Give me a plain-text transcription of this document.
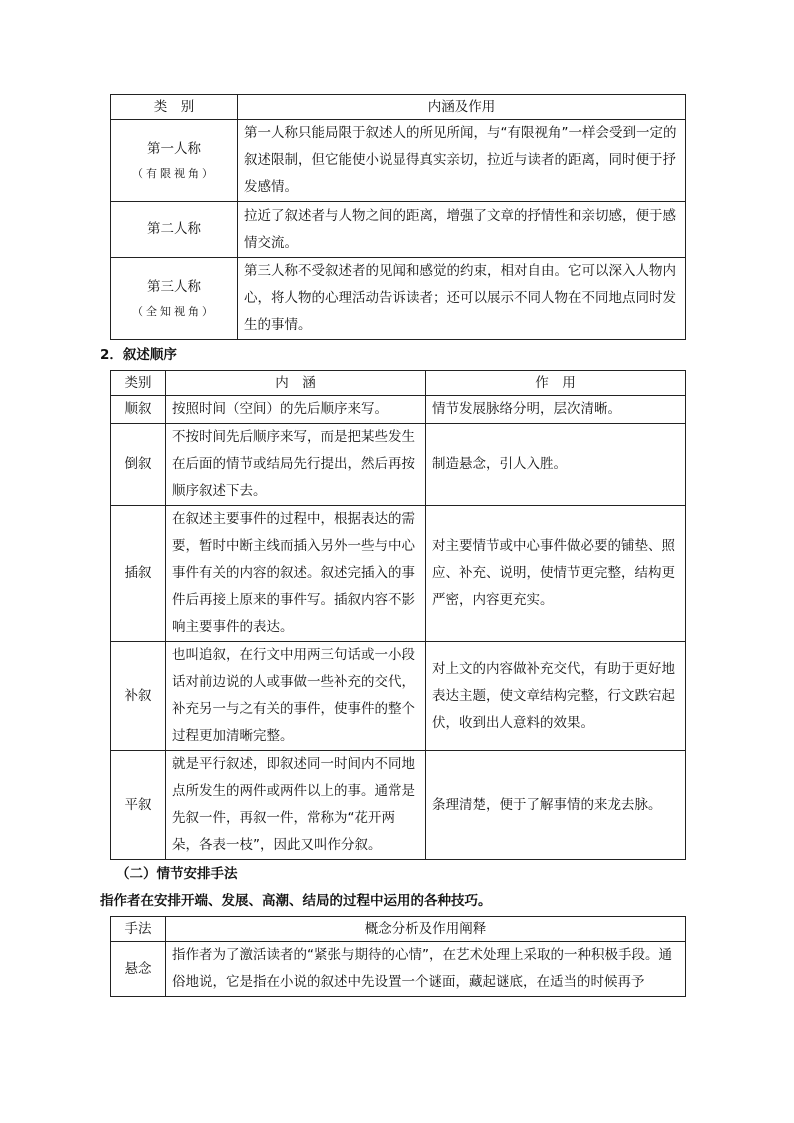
类　别	内涵及作用
第一人称
（有限视角）	第一人称只能局限于叙述人的所见所闻，与“有限视角”一样会受到一定的叙述限制，但它能使小说显得真实亲切，拉近与读者的距离，同时便于抒发感情。
第二人称	拉近了叙述者与人物之间的距离，增强了文章的抒情性和亲切感，便于感情交流。
第三人称
（全知视角）	第三人称不受叙述者的见闻和感觉的约束，相对自由。它可以深入人物内心，将人物的心理活动告诉读者；还可以展示不同人物在不同地点同时发生的事情。
2．叙述顺序
类别	内　涵	作　用
顺叙	按照时间（空间）的先后顺序来写。	情节发展脉络分明，层次清晰。
倒叙	不按时间先后顺序来写，而是把某些发生在后面的情节或结局先行提出，然后再按顺序叙述下去。	制造悬念，引人入胜。
插叙	在叙述主要事件的过程中，根据表达的需要，暂时中断主线而插入另外一些与中心事件有关的内容的叙述。叙述完插入的事件后再接上原来的事件写。插叙内容不影响主要事件的表达。	对主要情节或中心事件做必要的铺垫、照应、补充、说明，使情节更完整，结构更严密，内容更充实。
补叙	也叫追叙，在行文中用两三句话或一小段话对前边说的人或事做一些补充的交代，补充另一与之有关的事件，使事件的整个过程更加清晰完整。	对上文的内容做补充交代，有助于更好地表达主题，使文章结构完整，行文跌宕起伏，收到出人意料的效果。
平叙	就是平行叙述，即叙述同一时间内不同地点所发生的两件或两件以上的事。通常是先叙一件，再叙一件，常称为“花开两朵，各表一枝”，因此又叫作分叙。	条理清楚，便于了解事情的来龙去脉。
（二）情节安排手法
指作者在安排开端、发展、高潮、结局的过程中运用的各种技巧。
手法	概念分析及作用阐释
悬念	指作者为了激活读者的“紧张与期待的心情”，在艺术处理上采取的一种积极手段。通俗地说，它是指在小说的叙述中先设置一个谜面，藏起谜底，在适当的时候再予
